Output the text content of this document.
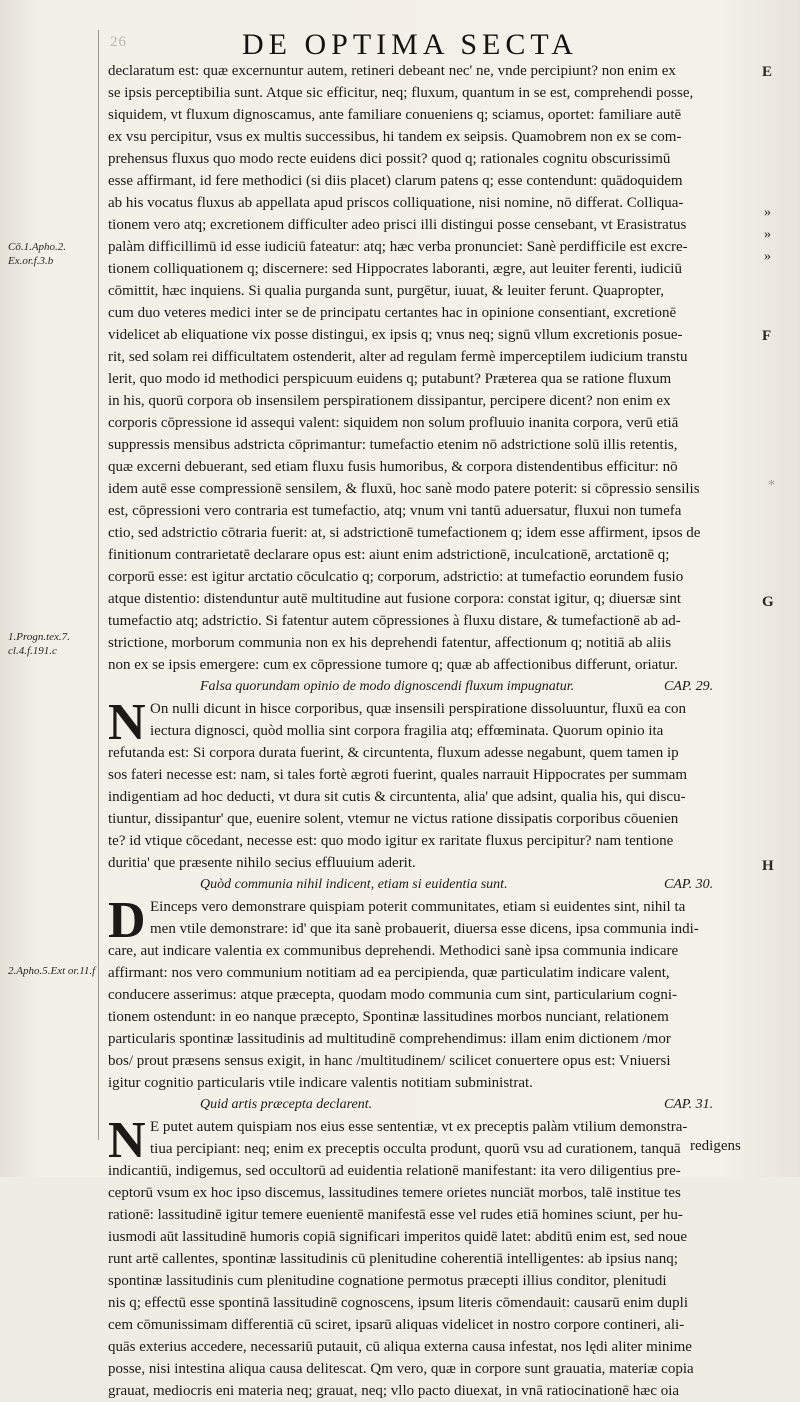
26	DE OPTIMA SECTA
declaratum est: quæ excernuntur autem, retineri debeant nec' ne, vnde percipiunt? non enim ex
se ipsis perceptibilia sunt. Atque sic efficitur, neq; fluxum, quantum in se est, comprehendi posse,
siquidem, vt fluxum dignoscamus, ante familiare conueniens q; sciamus, oportet: familiare autē
ex vsu percipitur, vsus ex multis successibus, hi tandem ex seipsis. Quamobrem non ex se com-
prehensus fluxus quo modo recte euidens dici possit? quod q; rationales cognitu obscurissimū
esse affirmant, id fere methodici (si diis placet) clarum patens q; esse contendunt: quādoquidem
ab his vocatus fluxus ab appellata apud priscos colliquatione, nisi nomine, nō differat. Colliqua-
tionem vero atq; excretionem difficulter adeo prisci illi distingui posse censebant, vt Erasistratus
palàm difficillimū id esse iudiciū fateatur: atq; hæc verba pronunciet: Sanè perdifficile est excre-
tionem colliquationem q; discernere: sed Hippocrates laboranti, ægre, aut leuiter ferenti, iudiciū
cōmittit, hæc inquiens. Si qualia purganda sunt, purgētur, iuuat, & leuiter ferunt. Quapropter,
cum duo veteres medici inter se de principatu certantes hac in opinione consentiant, excretionē
videlicet ab eliquatione vix posse distingui, ex ipsis q; vnus neq; signū vllum excretionis posue-
rit, sed solam rei difficultatem ostenderit, alter ad regulam fermè imperceptilem iudicium transtu
lerit, quo modo id methodici perspicuum euidens q; putabunt? Præterea qua se ratione fluxum
in his, quorū corpora ob insensilem perspirationem dissipantur, percipere dicent? non enim ex
corporis cōpressione id assequi valent: siquidem non solum profluuio inanita corpora, verū etiā
suppressis mensibus adstricta cōprimantur: tumefactio etenim nō adstrictione solū illis retentis,
quæ excerni debuerant, sed etiam fluxu fusis humoribus, & corpora distendentibus efficitur: nō
idem autē esse compressionē sensilem, & fluxū, hoc sanè modo patere poterit: si cōpressio sensilis
est, cōpressioni vero contraria est tumefactio, atq; vnum vni tantū aduersatur, fluxui non tumefa
ctio, sed adstrictio cōtraria fuerit: at, si adstrictionē tumefactionem q; idem esse affirment, ipsos de
finitionum contrarietatē declarare opus est: aiunt enim adstrictionē, inculcationē, arctationē q;
corporū esse: est igitur arctatio cōculcatio q; corporum, adstrictio: at tumefactio eorundem fusio
atque distentio: distenduntur autē multitudine aut fusione corpora: constat igitur, q; diuersæ sint
tumefactio atq; adstrictio. Si fatentur autem cōpressiones à fluxu distare, & tumefactionē ab ad-
strictione, morborum communia non ex his deprehendi fatentur, affectionum q; notitiā ab aliis
non ex se ipsis emergere: cum ex cōpressione tumore q; quæ ab affectionibus differunt, oriatur.
Falsa quorundam opinio de modo dignoscendi fluxum impugnatur.	CAP. 29.
N On nulli dicunt in hisce corporibus, quæ insensili perspiratione dissoluuntur, fluxū ea con
iectura dignosci, quòd mollia sint corpora fragilia atq; effœminata. Quorum opinio ita
refutanda est: Si corpora durata fuerint, & circuntenta, fluxum adesse negabunt, quem tamen ip
sos fateri necesse est: nam, si tales fortè ægroti fuerint, quales narrauit Hippocrates per summam
indigentiam ad hoc deducti, vt dura sit cutis & circuntenta, alia' que adsint, qualia his, qui discu-
tiuntur, dissipantur' que, euenire solent, vtemur ne victus ratione dissipatis corporibus cōuenien
te? id vtique cōcedant, necesse est: quo modo igitur ex raritate fluxus percipitur? nam tentione
duritia' que præsente nihilo secius effluuium aderit.
Quòd communia nihil indicent, etiam si euidentia sunt.	CAP. 30.
D Einceps vero demonstrare quispiam poterit communitates, etiam si euidentes sint, nihil ta
men vtile demonstrare: id' que ita sanè probauerit, diuersa esse dicens, ipsa communia indi-
care, aut indicare valentia ex communibus deprehendi. Methodici sanè ipsa communia indicare
affirmant: nos vero communium notitiam ad ea percipienda, quæ particulatim indicare valent,
conducere asserimus: atque præcepta, quodam modo communia cum sint, particularium cogni-
tionem ostendunt: in eo nanque præcepto, Spontinæ lassitudines morbos nunciant, relationem
particularis spontinæ lassitudinis ad multitudinē comprehendimus: illam enim dictionem /mor
bos/ prout præsens sensus exigit, in hanc /multitudinem/ scilicet conuertere opus est: Vniuersi
igitur cognitio particularis vtile indicare valentis notitiam subministrat.
Quid artis præcepta declarent.	CAP. 31.
N E putet autem quispiam nos eius esse sententiæ, vt ex preceptis palàm vtilium demonstra-
tiua percipiant: neq; enim ex preceptis occulta produnt, quorū vsu ad curationem, tanquā
indicantiū, indigemus, sed occultorū ad euidentia relationē manifestant: ita vero diligentius pre-
ceptorū vsum ex hoc ipso discemus, lassitudines temere orietes nunciāt morbos, talē institue tes
rationē: lassitudinē igitur temere euenientē manifestā esse vel rudes etiā homines sciunt, per hu-
iusmodi aūt lassitudinē humoris copiā significari imperitos quidē latet: abditū enim est, sed noue
runt artē callentes, spontinæ lassitudinis cū plenitudine coherentiā intelligentes: ab ipsius nanq;
spontinæ lassitudinis cum plenitudine cognatione permotus præcepti illius conditor, plenitudi
nis q; effectū esse spontinā lassitudinē cognoscens, ipsum literis cōmendauit: causarū enim dupli
cem cōmunissimam differentiā cū sciret, ipsarū aliquas videlicet in nostro corpore contineri, ali-
quās exterius accedere, necessariū putauit, cū aliqua externa causa infestat, nos lędi aliter minime
posse, nisi intestina aliqua causa delitescat. Qm vero, quæ in corpore sunt grauatia, materiæ copia
grauat, mediocris eni materia neq; grauat, neq; vllo pacto diuexat, in vnā ratiocinationē hæc oia
Cō.1.Apho.2. Ex.or.f.3.b
1.Progn.tex.7. cl.4.f.191.c
2.Apho.5.Ext or.11.f
E
F
G
H
»
»
»
*
redigens
